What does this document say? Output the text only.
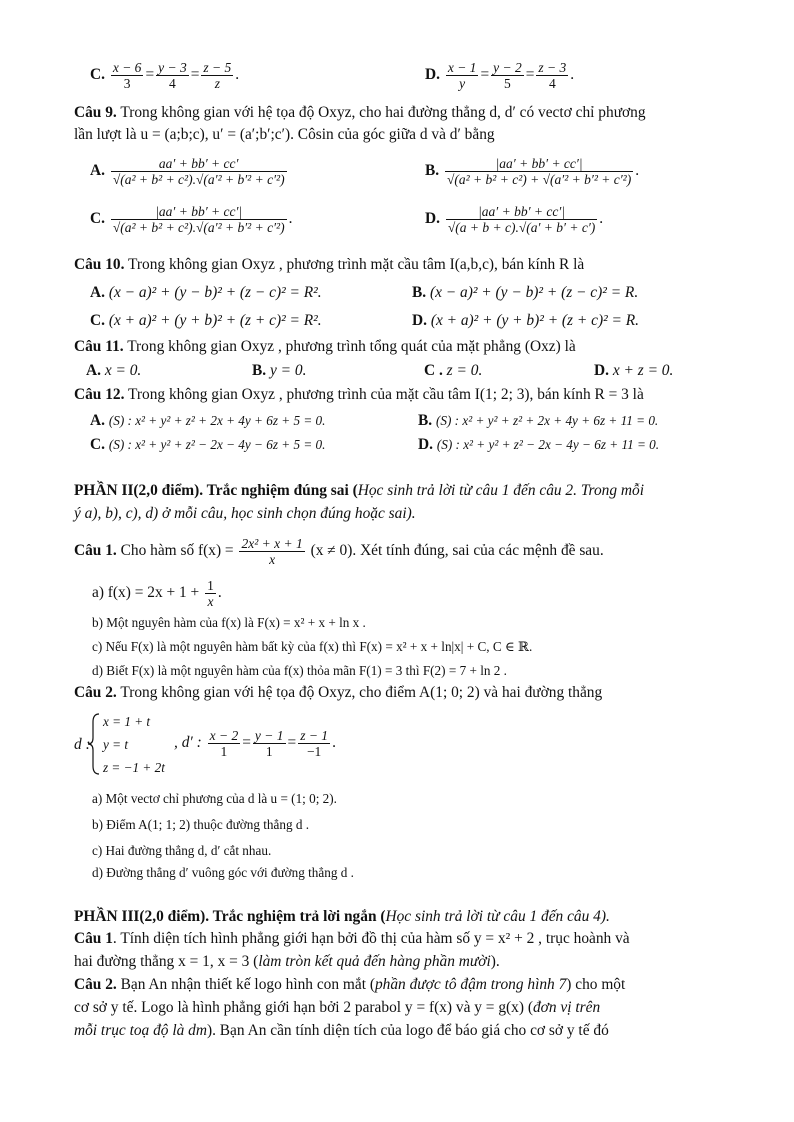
C. $\frac{x - 6}{3} = \frac{y - 3}{4} = \frac{z - 5}{z}$ .	D. $\frac{x - 1}{y} = \frac{y - 2}{5} = \frac{z - 3}{4}$ .
Câu 9. Trong không gian với hệ tọa độ Oxyz, cho hai đường thẳng d, d′ có vectơ chỉ phương
lần lượt là u = (a;b;c), u′ = (a′;b′;c′). Côsin của góc giữa d và d′ bằng
A. $\frac{aa' + bb' + cc'}{\text{√(a² + b² + c²).√(a′² + b′² + c′²)}}$	B. $\frac{|aa' + bb' + cc'|}{\text{√(a² + b² + c²) + √(a′² + b′² + c′²)}}$ .
C. $\frac{|aa' + bb' + cc'|}{\text{√(a² + b² + c²).√(a′² + b′² + c′²)}}$ .	D. $\frac{|aa' + bb' + cc'|}{√(a + b + c).√(a' + b' + c')}$ .
Câu 10. Trong không gian Oxyz , phương trình mặt cầu tâm I(a,b,c), bán kính R là
A. (x − a)² + (y − b)² + (z − c)² = R².	B. (x − a)² + (y − b)² + (z − c)² = R.
C. (x + a)² + (y + b)² + (z + c)² = R².	D. (x + a)² + (y + b)² + (z + c)² = R.
Câu 11. Trong không gian Oxyz , phương trình tổng quát của mặt phẳng (Oxz) là
A. x = 0.	B. y = 0.	C . z = 0.	D. x + z = 0.
Câu 12. Trong không gian Oxyz , phương trình của mặt cầu tâm I(1; 2; 3), bán kính R = 3 là
A. (S) : x² + y² + z² + 2x + 4y + 6z + 5 = 0.	B. (S) : x² + y² + z² + 2x + 4y + 6z + 11 = 0.
C. (S) : x² + y² + z² − 2x − 4y − 6z + 5 = 0.	D. (S) : x² + y² + z² − 2x − 4y − 6z + 11 = 0.
PHẦN II(2,0 điểm). Trắc nghiệm đúng sai (Học sinh trả lời từ câu 1 đến câu 2. Trong mỗi
ý a), b), c), d) ở mỗi câu, học sinh chọn đúng hoặc sai).
Câu 1. Cho hàm số $f(x) = \frac{\text{2x² + x + 1}}{x} (x \ne 0)$. Xét tính đúng, sai của các mệnh đề sau.
a) $f(x) = 2x + 1 + \frac{1}{x}$ .
b) Một nguyên hàm của f(x) là F(x) = x² + x + ln x .
c) Nếu F(x) là một nguyên hàm bất kỳ của f(x) thì F(x) = x² + x + ln|x| + C, C ∈ ℝ.
d) Biết F(x) là một nguyên hàm của f(x) thỏa mãn F(1) = 3 thì F(2) = 7 + ln 2 .
Câu 2. Trong không gian với hệ tọa độ Oxyz, cho điểm A(1; 0; 2) và hai đường thẳng
d :
x = 1 + t
y = t
z = −1 + 2t
, d′ : $\frac{x - 2}{1} = \frac{y - 1}{1} = \frac{z - 1}{-1}$ .
a) Một vectơ chỉ phương của d là u = (1; 0; 2).
b) Điểm A(1; 1; 2) thuộc đường thẳng d .
c) Hai đường thẳng d, d′ cắt nhau.
d) Đường thẳng d′ vuông góc với đường thẳng d .
PHẦN III(2,0 điểm). Trắc nghiệm trả lời ngắn (Học sinh trả lời từ câu 1 đến câu 4).
Câu 1. Tính diện tích hình phẳng giới hạn bởi đồ thị của hàm số y = x² + 2 , trục hoành và
hai đường thẳng x = 1, x = 3 (làm tròn kết quả đến hàng phần mười).
Câu 2. Bạn An nhận thiết kế logo hình con mắt (phần được tô đậm trong hình 7) cho một
cơ sở y tế. Logo là hình phẳng giới hạn bởi 2 parabol y = f(x) và y = g(x) (đơn vị trên
mỗi trục toạ độ là dm). Bạn An cần tính diện tích của logo để báo giá cho cơ sở y tế đó
